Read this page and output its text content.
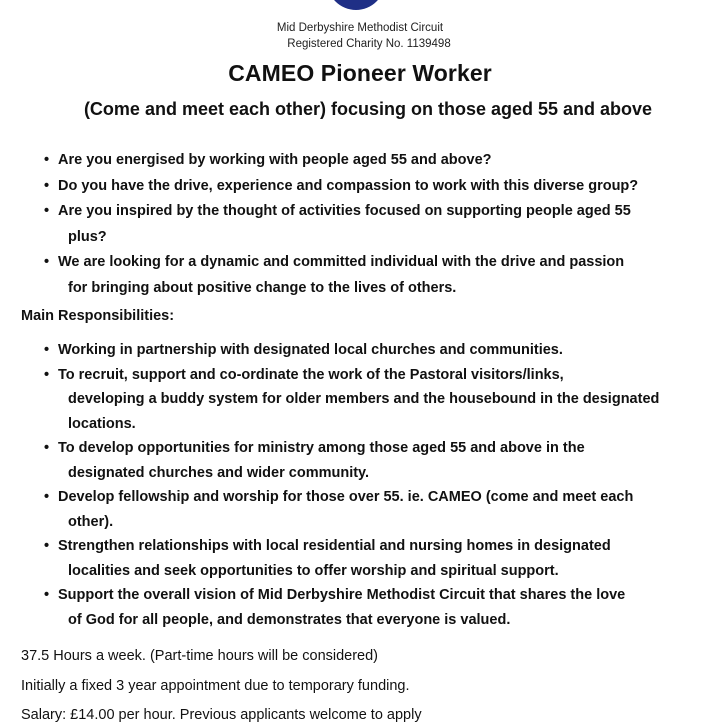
Mid Derbyshire Methodist Circuit
Registered Charity No. 1139498
CAMEO Pioneer Worker
(Come and meet each other) focusing on those aged 55 and above
• Are you energised by working with people aged 55 and above?
• Do you have the drive, experience and compassion to work with this diverse group?
• Are you inspired by the thought of activities focused on supporting people aged 55
plus?
• We are looking for a dynamic and committed individual with the drive and passion
for bringing about positive change to the lives of others.
Main Responsibilities:
• Working in partnership with designated local churches and communities.
• To recruit, support and co-ordinate the work of the Pastoral visitors/links,
developing a buddy system for older members and the housebound in the designated locations.
• To develop opportunities for ministry among those aged 55 and above in the
designated churches and wider community.
• Develop fellowship and worship for those over 55. ie. CAMEO (come and meet each
other).
• Strengthen relationships with local residential and nursing homes in designated
localities and seek opportunities to offer worship and spiritual support.
• Support the overall vision of Mid Derbyshire Methodist Circuit that shares the love
of God for all people, and demonstrates that everyone is valued.
37.5 Hours a week. (Part-time hours will be considered)
Initially a fixed 3 year appointment due to temporary funding.
Salary: £14.00 per hour. Previous applicants welcome to apply
